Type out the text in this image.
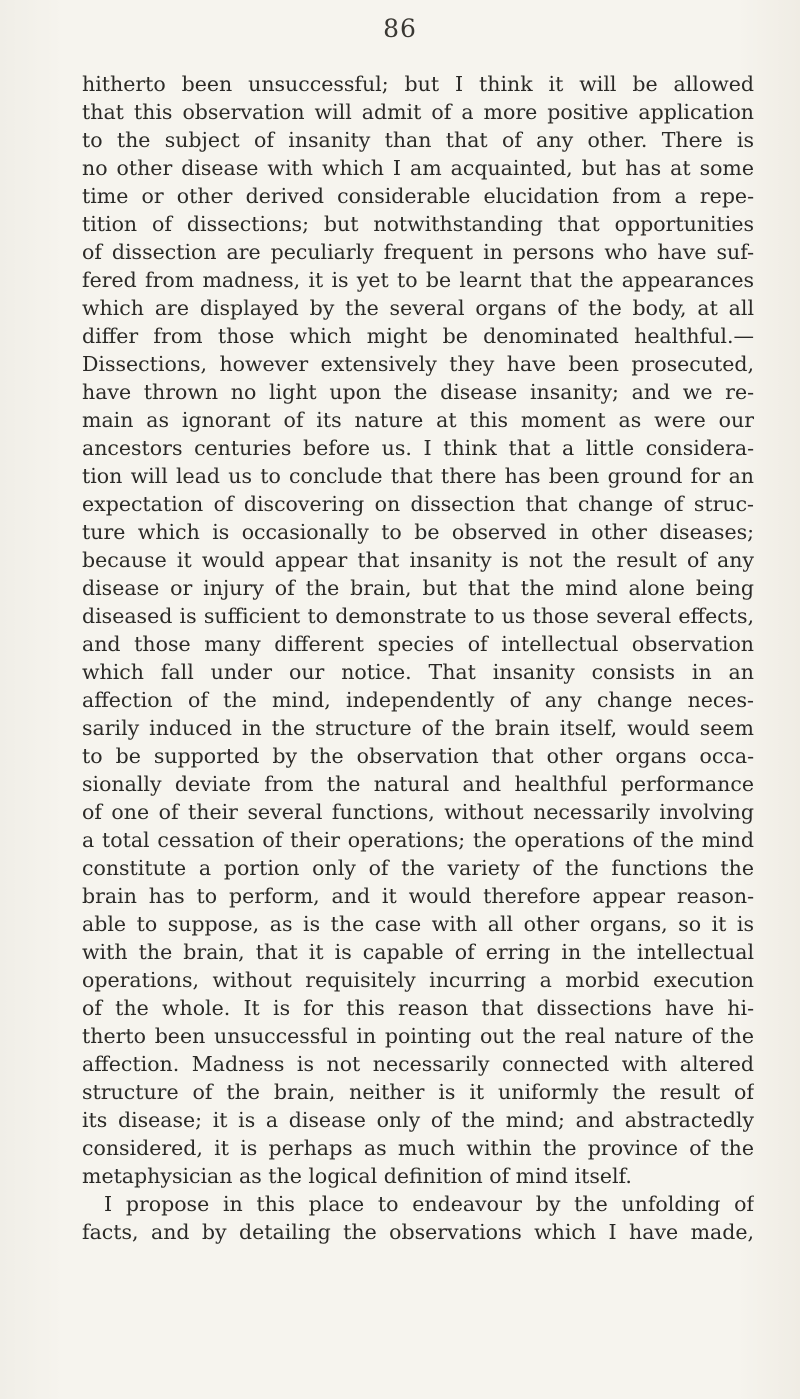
86
hitherto been unsuccessful; but I think it will be allowed
that this observation will admit of a more positive application
to the subject of insanity than that of any other. There is
no other disease with which I am acquainted, but has at some
time or other derived considerable elucidation from a repe-
tition of dissections; but notwithstanding that opportunities
of dissection are peculiarly frequent in persons who have suf-
fered from madness, it is yet to be learnt that the appearances
which are displayed by the several organs of the body, at all
differ from those which might be denominated healthful.—
Dissections, however extensively they have been prosecuted,
have thrown no light upon the disease insanity; and we re-
main as ignorant of its nature at this moment as were our
ancestors centuries before us. I think that a little considera-
tion will lead us to conclude that there has been ground for an
expectation of discovering on dissection that change of struc-
ture which is occasionally to be observed in other diseases;
because it would appear that insanity is not the result of any
disease or injury of the brain, but that the mind alone being
diseased is sufficient to demonstrate to us those several effects,
and those many different species of intellectual observation
which fall under our notice. That insanity consists in an
affection of the mind, independently of any change neces-
sarily induced in the structure of the brain itself, would seem
to be supported by the observation that other organs occa-
sionally deviate from the natural and healthful performance
of one of their several functions, without necessarily involving
a total cessation of their operations; the operations of the mind
constitute a portion only of the variety of the functions the
brain has to perform, and it would therefore appear reason-
able to suppose, as is the case with all other organs, so it is
with the brain, that it is capable of erring in the intellectual
operations, without requisitely incurring a morbid execution
of the whole. It is for this reason that dissections have hi-
therto been unsuccessful in pointing out the real nature of the
affection. Madness is not necessarily connected with altered
structure of the brain, neither is it uniformly the result of
its disease; it is a disease only of the mind; and abstractedly
considered, it is perhaps as much within the province of the
metaphysician as the logical definition of mind itself.
I propose in this place to endeavour by the unfolding of
facts, and by detailing the observations which I have made,
